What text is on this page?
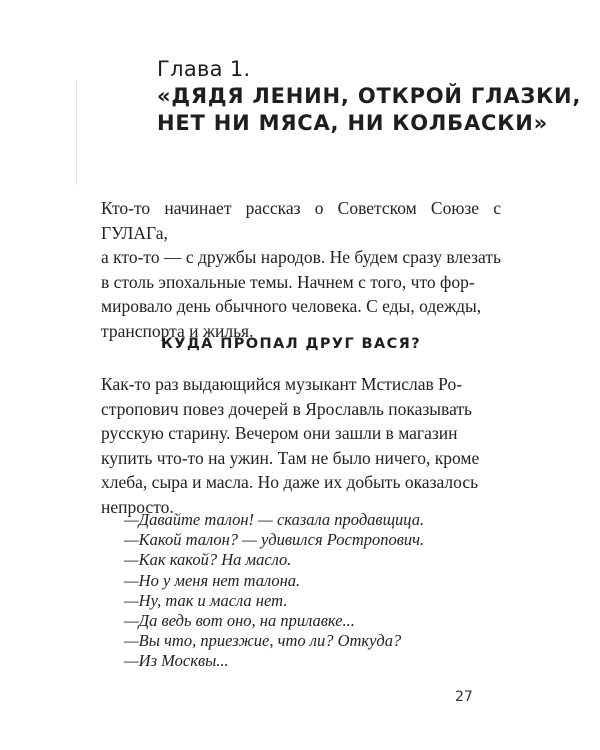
Глава 1.
«ДЯДЯ ЛЕНИН, ОТКРОЙ ГЛАЗКИ,
НЕТ НИ МЯСА, НИ КОЛБАСКИ»
Кто-то начинает рассказ о Советском Союзе с ГУЛАГа,
а кто-то — с дружбы народов. Не будем сразу влезать
в столь эпохальные темы. Начнем с того, что фор-
мировало день обычного человека. С еды, одежды,
транспорта и жилья.
КУДА ПРОПАЛ ДРУГ ВАСЯ?
Как-то раз выдающийся музыкант Мстислав Ро-
стропович повез дочерей в Ярославль показывать
русскую старину. Вечером они зашли в магазин
купить что-то на ужин. Там не было ничего, кроме
хлеба, сыра и масла. Но даже их добыть оказалось
непросто.
—Давайте талон! — сказала продавщица.
—Какой талон? — удивился Ростропович.
—Как какой? На масло.
—Но у меня нет талона.
—Ну, так и масла нет.
—Да ведь вот оно, на прилавке...
—Вы что, приезжие, что ли? Откуда?
—Из Москвы...
27
